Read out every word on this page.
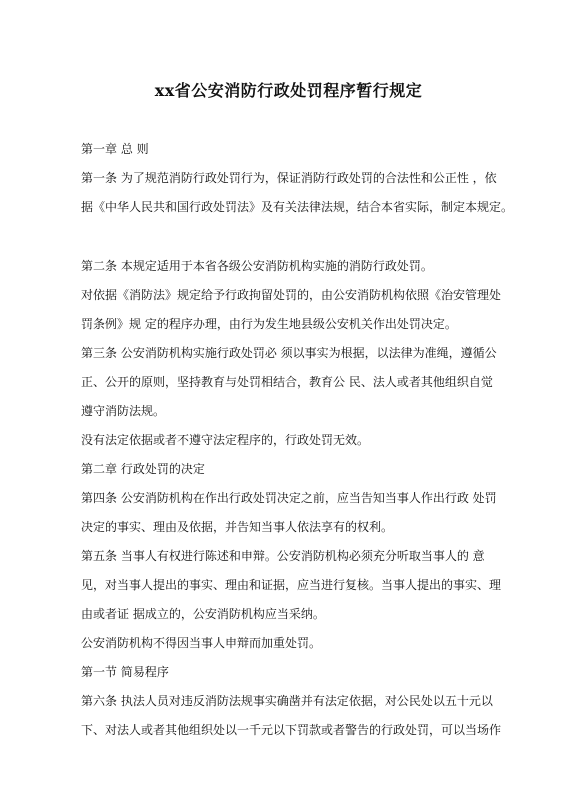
xx省公安消防行政处罚程序暂行规定
第一章 总 则
第一条 为了规范消防行政处罚行为，保证消防行政处罚的合法性和公正性 ，依
据《中华人民共和国行政处罚法》及有关法律法规，结合本省实际，制定本规定。
第二条 本规定适用于本省各级公安消防机构实施的消防行政处罚。
对依据《消防法》规定给予行政拘留处罚的，由公安消防机构依照《治安管理处
罚条例》规 定的程序办理，由行为发生地县级公安机关作出处罚决定。
第三条 公安消防机构实施行政处罚必 须以事实为根据，以法律为准绳，遵循公
正、公开的原则，坚持教育与处罚相结合，教育公 民、法人或者其他组织自觉
遵守消防法规。
没有法定依据或者不遵守法定程序的，行政处罚无效。
第二章 行政处罚的决定
第四条 公安消防机构在作出行政处罚决定之前，应当告知当事人作出行政 处罚
决定的事实、理由及依据，并告知当事人依法享有的权利。
第五条 当事人有权进行陈述和申辩。公安消防机构必须充分听取当事人的 意
见，对当事人提出的事实、理由和证据，应当进行复核。当事人提出的事实、理
由或者证 据成立的，公安消防机构应当采纳。
公安消防机构不得因当事人申辩而加重处罚。
第一节 简易程序
第六条 执法人员对违反消防法规事实确凿并有法定依据，对公民处以五十元以
下、对法人或者其他组织处以一千元以下罚款或者警告的行政处罚，可以当场作
